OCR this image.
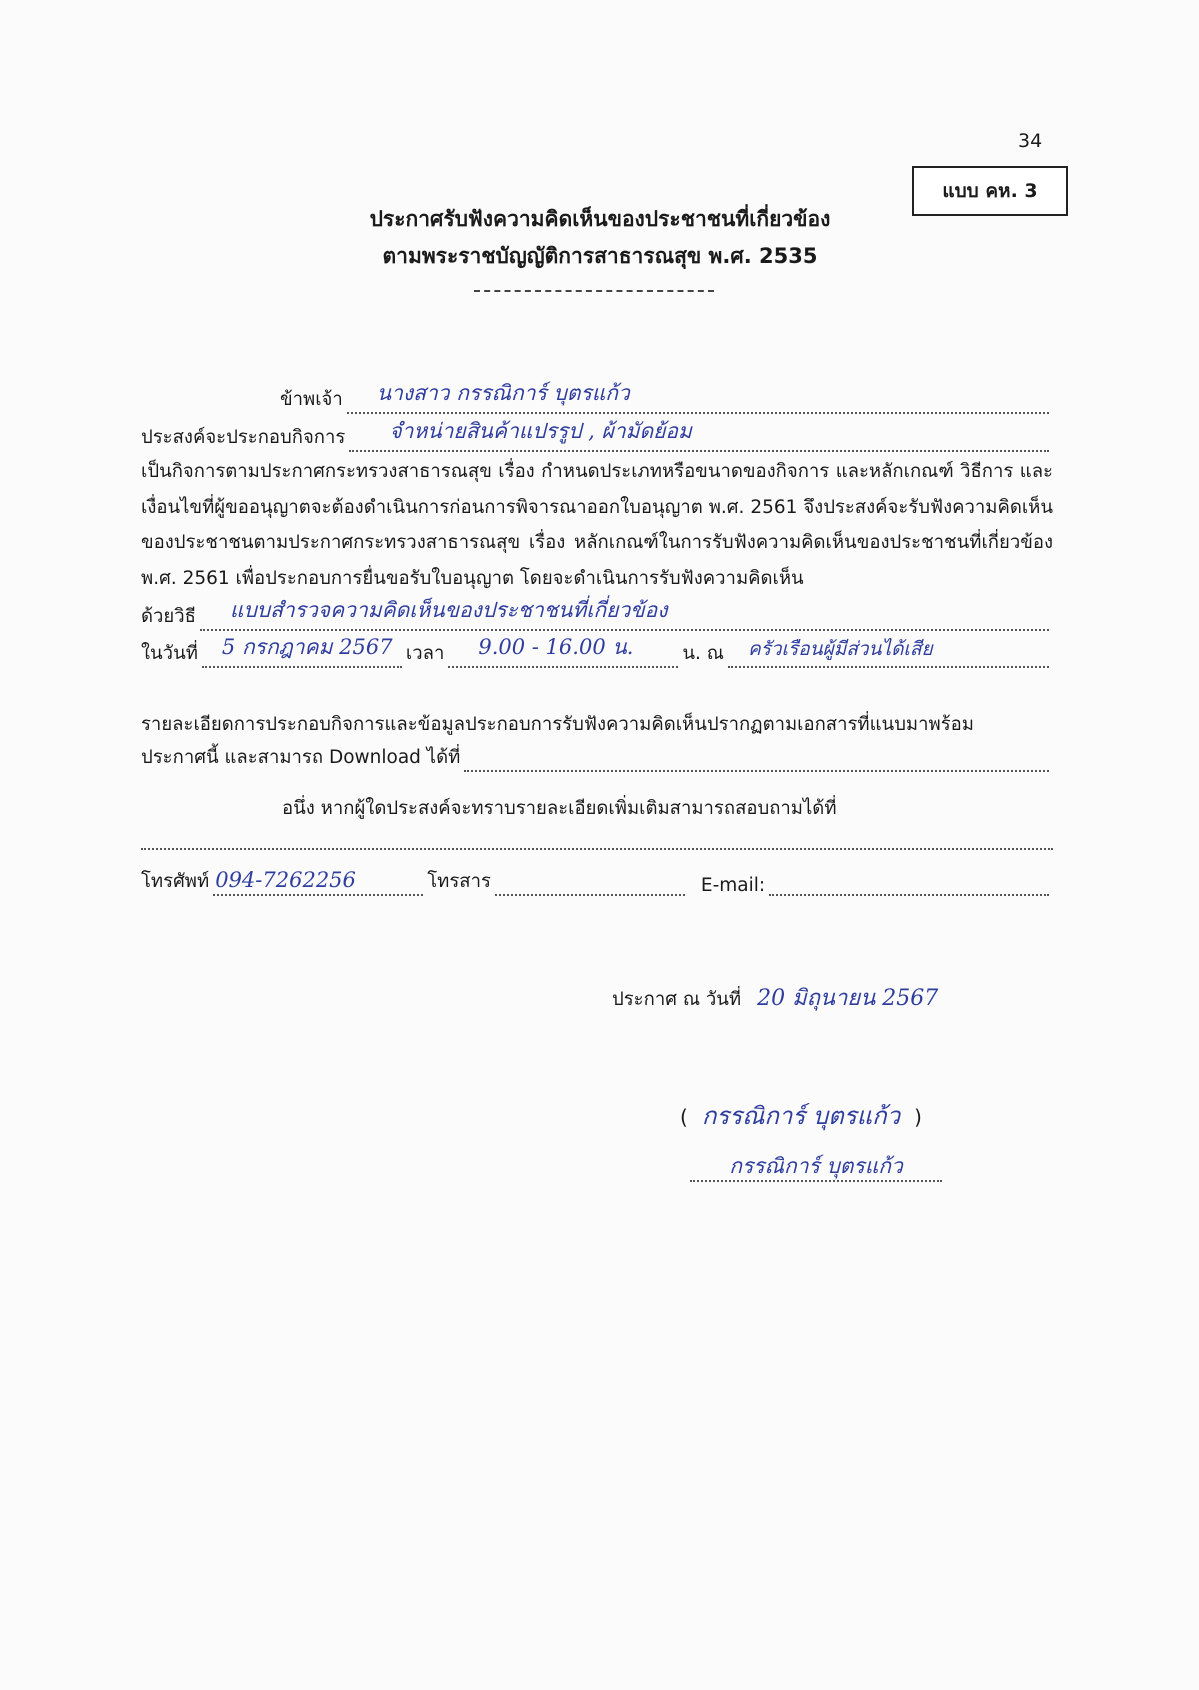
34
แบบ คห. 3
ประกาศรับฟังความคิดเห็นของประชาชนที่เกี่ยวข้อง
ตามพระราชบัญญัติการสาธารณสุข พ.ศ. 2535
ข้าพเจ้า นางสาว กรรณิการ์ บุตรแก้ว
ประสงค์จะประกอบกิจการ จำหน่ายสินค้าแปรรูป , ผ้ามัดย้อม
เป็นกิจการตามประกาศกระทรวงสาธารณสุข เรื่อง กำหนดประเภทหรือขนาดของกิจการ และหลักเกณฑ์ วิธีการ และเงื่อนไขที่ผู้ขออนุญาตจะต้องดำเนินการก่อนการพิจารณาออกใบอนุญาต พ.ศ. 2561 จึงประสงค์จะรับฟังความคิดเห็นของประชาชนตามประกาศกระทรวงสาธารณสุข เรื่อง หลักเกณฑ์ในการรับฟังความคิดเห็นของประชาชนที่เกี่ยวข้อง พ.ศ. 2561 เพื่อประกอบการยื่นขอรับใบอนุญาต โดยจะดำเนินการรับฟังความคิดเห็น
ด้วยวิธี แบบสำรวจความคิดเห็นของประชาชนที่เกี่ยวข้อง
ในวันที่ 5 กรกฎาคม 2567 เวลา 9.00 - 16.00 น.	น. ณ ครัวเรือนผู้มีส่วนได้เสีย
รายละเอียดการประกอบกิจการและข้อมูลประกอบการรับฟังความคิดเห็นปรากฏตามเอกสารที่แนบมาพร้อม
ประกาศนี้ และสามารถ Download ได้ที่
อนึ่ง หากผู้ใดประสงค์จะทราบรายละเอียดเพิ่มเติมสามารถสอบถามได้ที่
โทรศัพท์ 094-7262256	โทรสาร	E-mail:
ประกาศ ณ วันที่ 20 มิถุนายน 2567
( กรรณิการ์ บุตรแก้ว )
กรรณิการ์ บุตรแก้ว
